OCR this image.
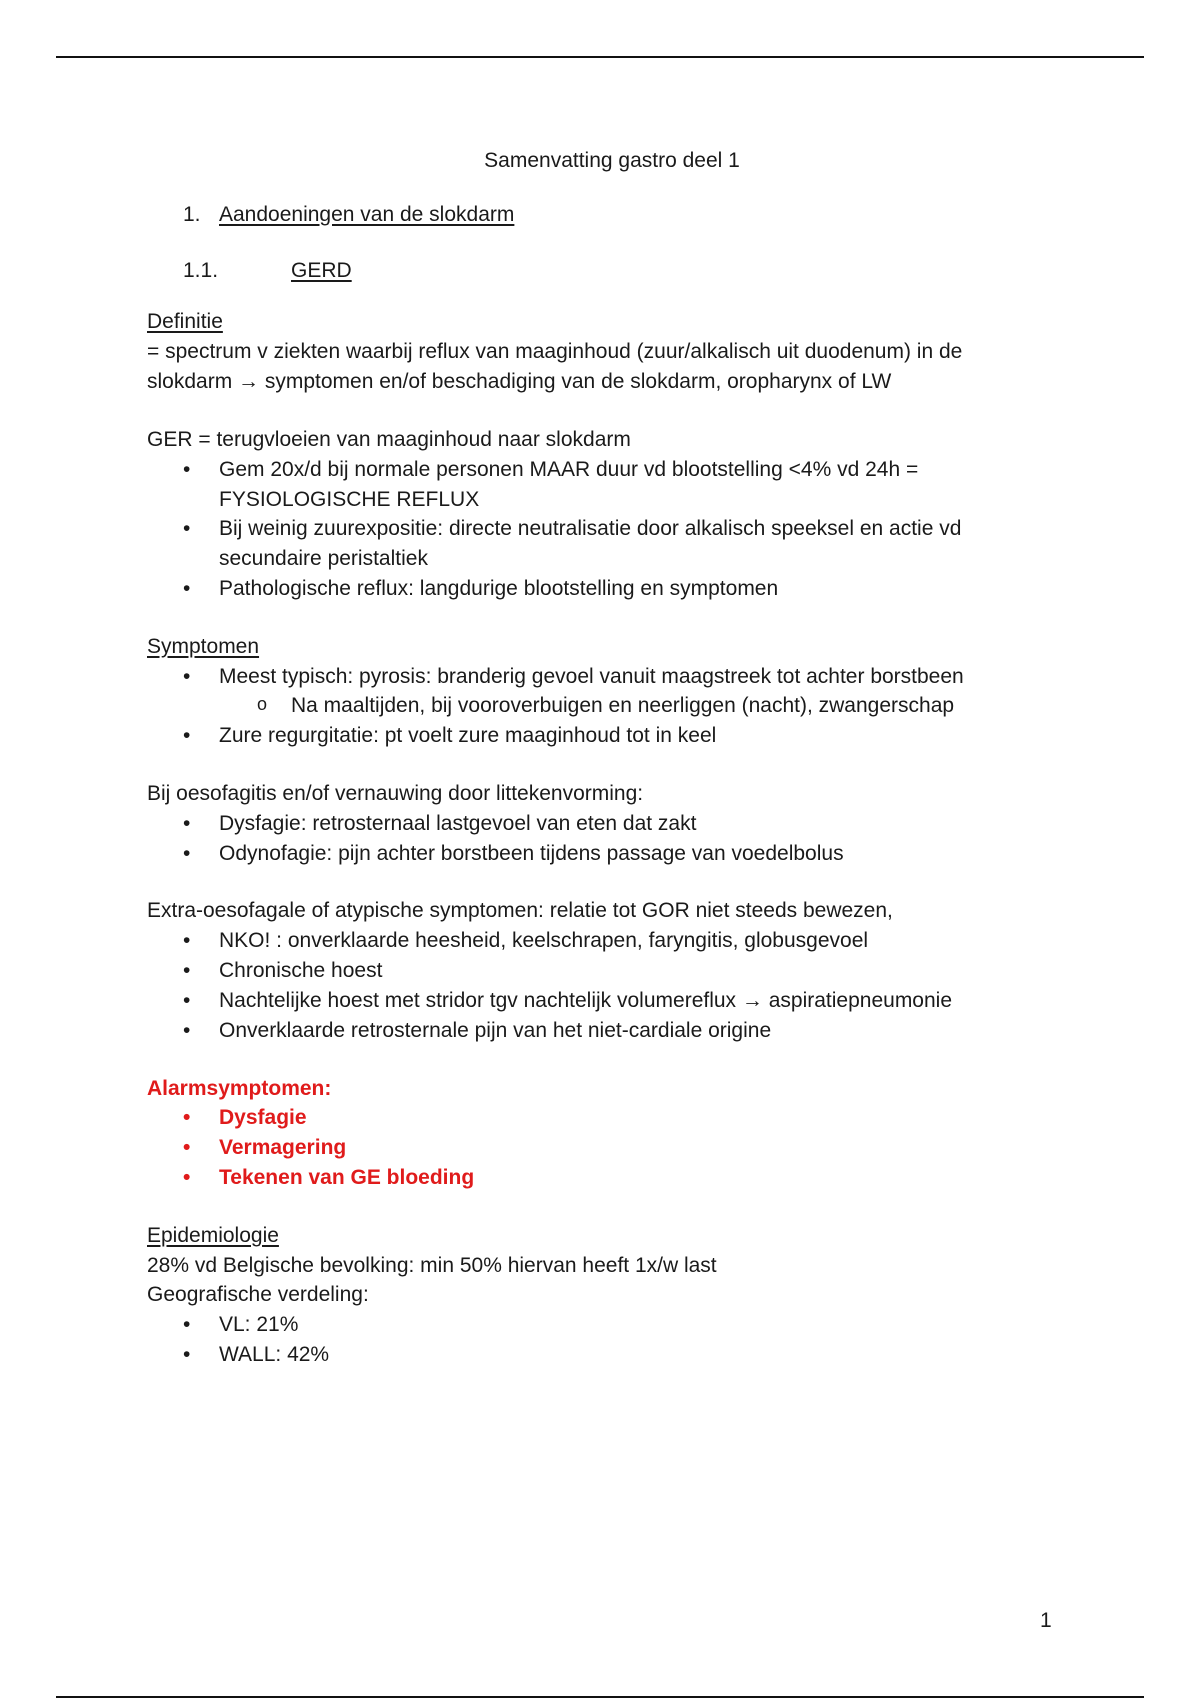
Samenvatting gastro deel 1

1. Aandoeningen van de slokdarm

1.1.	GERD

Definitie

= spectrum v ziekten waarbij reflux van maaginhoud (zuur/alkalisch uit duodenum) in de

slokdarm → symptomen en/of beschadiging van de slokdarm, oropharynx of LW

GER = terugvloeien van maaginhoud naar slokdarm

• Gem 20x/d bij normale personen MAAR duur vd blootstelling <4% vd 24h = FYSIOLOGISCHE REFLUX
• Bij weinig zuurexpositie: directe neutralisatie door alkalisch speeksel en actie vd secundaire peristaltiek
• Pathologische reflux: langdurige blootstelling en symptomen

Symptomen

• Meest typisch: pyrosis: branderig gevoel vanuit maagstreek tot achter borstbeen
o Na maaltijden, bij vooroverbuigen en neerliggen (nacht), zwangerschap
• Zure regurgitatie: pt voelt zure maaginhoud tot in keel

Bij oesofagitis en/of vernauwing door littekenvorming:

• Dysfagie: retrosternaal lastgevoel van eten dat zakt
• Odynofagie: pijn achter borstbeen tijdens passage van voedelbolus

Extra-oesofagale of atypische symptomen: relatie tot GOR niet steeds bewezen,

• NKO! : onverklaarde heesheid, keelschrapen, faryngitis, globusgevoel
• Chronische hoest
• Nachtelijke hoest met stridor tgv nachtelijk volumereflux → aspiratiepneumonie
• Onverklaarde retrosternale pijn van het niet-cardiale origine

Alarmsymptomen:

• Dysfagie
• Vermagering
• Tekenen van GE bloeding

Epidemiologie

28% vd Belgische bevolking: min 50% hiervan heeft 1x/w last

Geografische verdeling:

• VL: 21%
• WALL: 42%
1
